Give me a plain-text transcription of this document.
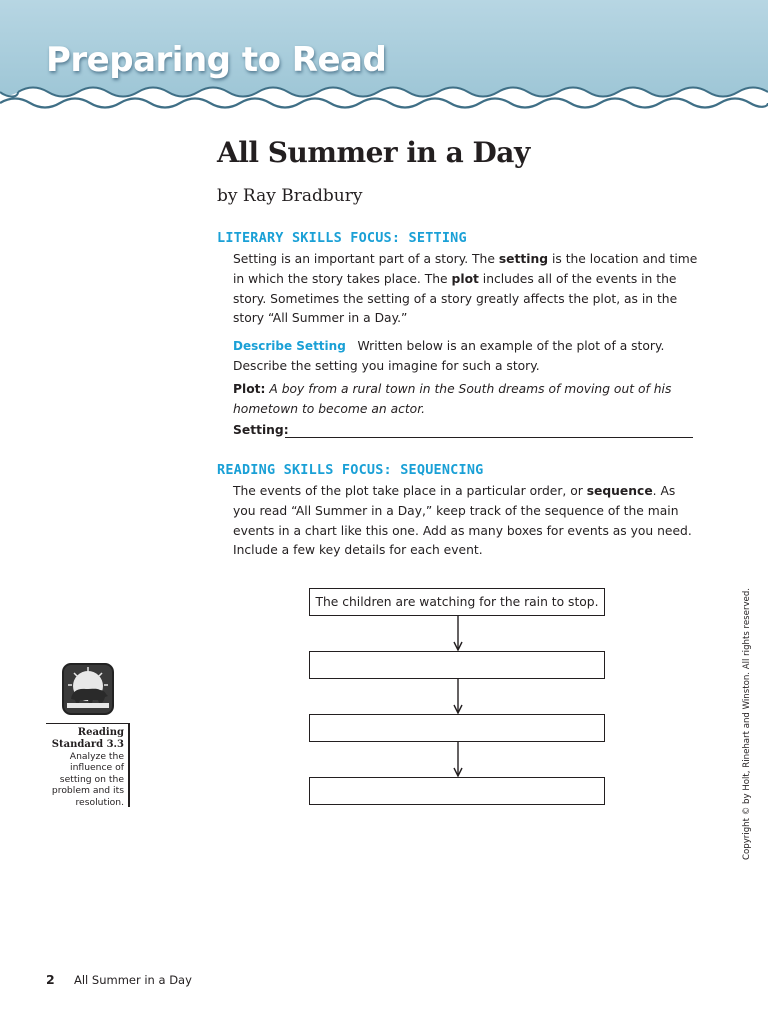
Preparing to Read
All Summer in a Day

by Ray Bradbury

LITERARY SKILLS FOCUS: SETTING

Setting is an important part of a story. The setting is the location and time in which the story takes place. The plot includes all of the events in the story. Sometimes the setting of a story greatly affects the plot, as in the story “All Summer in a Day.”

Describe Setting Written below is an example of the plot of a story. Describe the setting you imagine for such a story.

Plot: A boy from a rural town in the South dreams of moving out of his hometown to become an actor.

Setting:
READING SKILLS FOCUS: SEQUENCING

The events of the plot take place in a particular order, or sequence. As you read “All Summer in a Day,” keep track of the sequence of the main events in a chart like this one. Add as many boxes for events as you need. Include a few key details for each event.

The children are watching for the rain to stop.

Reading Standard 3.3

Analyze the influence of setting on the problem and its resolution.	Copyright © by Holt, Rinehart and Winston. All rights reserved.
2 All Summer in a Day
